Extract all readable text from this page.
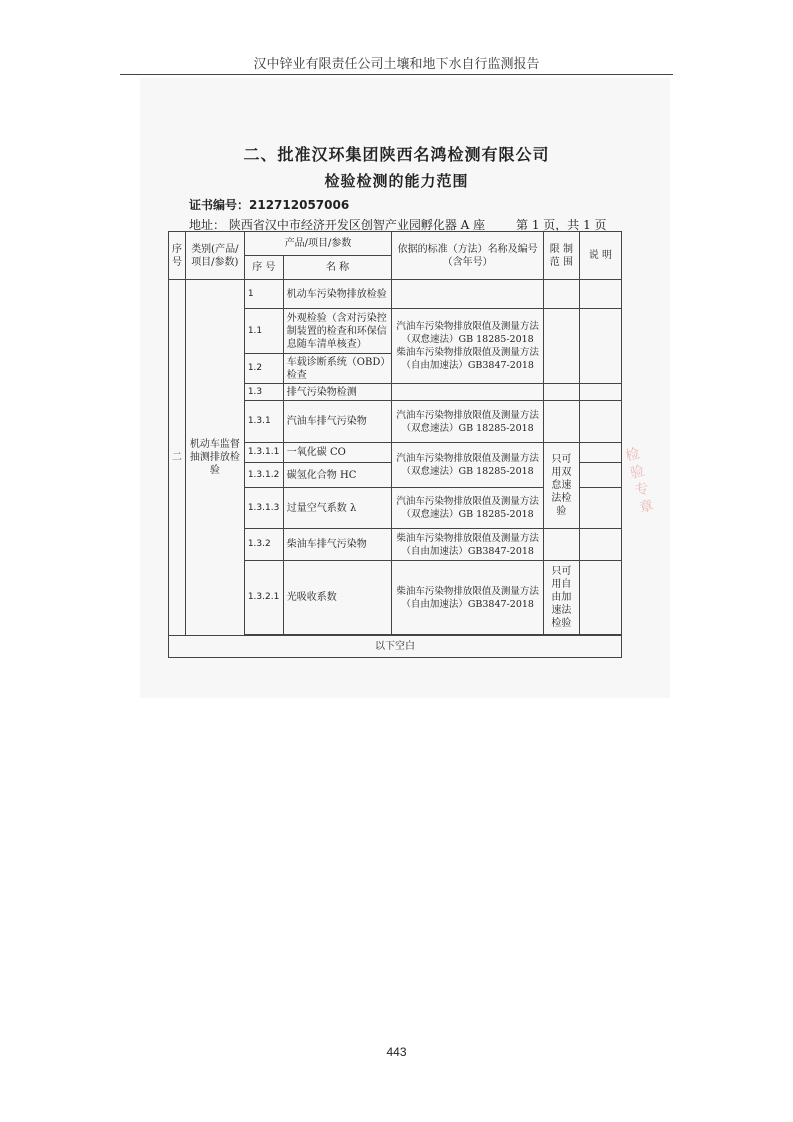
汉中锌业有限责任公司土壤和地下水自行监测报告
二、批准汉环集团陕西名鸿检测有限公司
检验检测的能力范围
证书编号：212712057006
地址： 陕西省汉中市经济开发区创智产业园孵化器 A 座	第 1 页，共 1 页
序号	类别(产品/项目/参数)	产品/项目/参数		依据的标准（方法）名称及编号（含年号）	限 制 范 围	说 明
		序 号	名 称			
二	机动车监督抽测排放检验	1	机动车污染物排放检验			
		1.1	外观检验（含对污染控制装置的检查和环保信息随车清单核查）	汽油车污染物排放限值及测量方法（双怠速法）GB 18285-2018
柴油车污染物排放限值及测量方法（自由加速法）GB3847-2018		
		1.2	车载诊断系统（OBD）检查			
		1.3	排气污染物检测			
		1.3.1	汽油车排气污染物	汽油车污染物排放限值及测量方法（双怠速法）GB 18285-2018		
		1.3.1.1	一氧化碳 CO	汽油车污染物排放限值及测量方法（双怠速法）GB 18285-2018	只可用双怠速法检验	
		1.3.1.2	碳氢化合物 HC			
		1.3.1.3	过量空气系数 λ	汽油车污染物排放限值及测量方法（双怠速法）GB 18285-2018		
		1.3.2	柴油车排气污染物	柴油车污染物排放限值及测量方法（自由加速法）GB3847-2018		
		1.3.2.1	光吸收系数	柴油车污染物排放限值及测量方法（自由加速法）GB3847-2018	只可用自由加速法检验	

以下空白						
检
验
专
章
443
